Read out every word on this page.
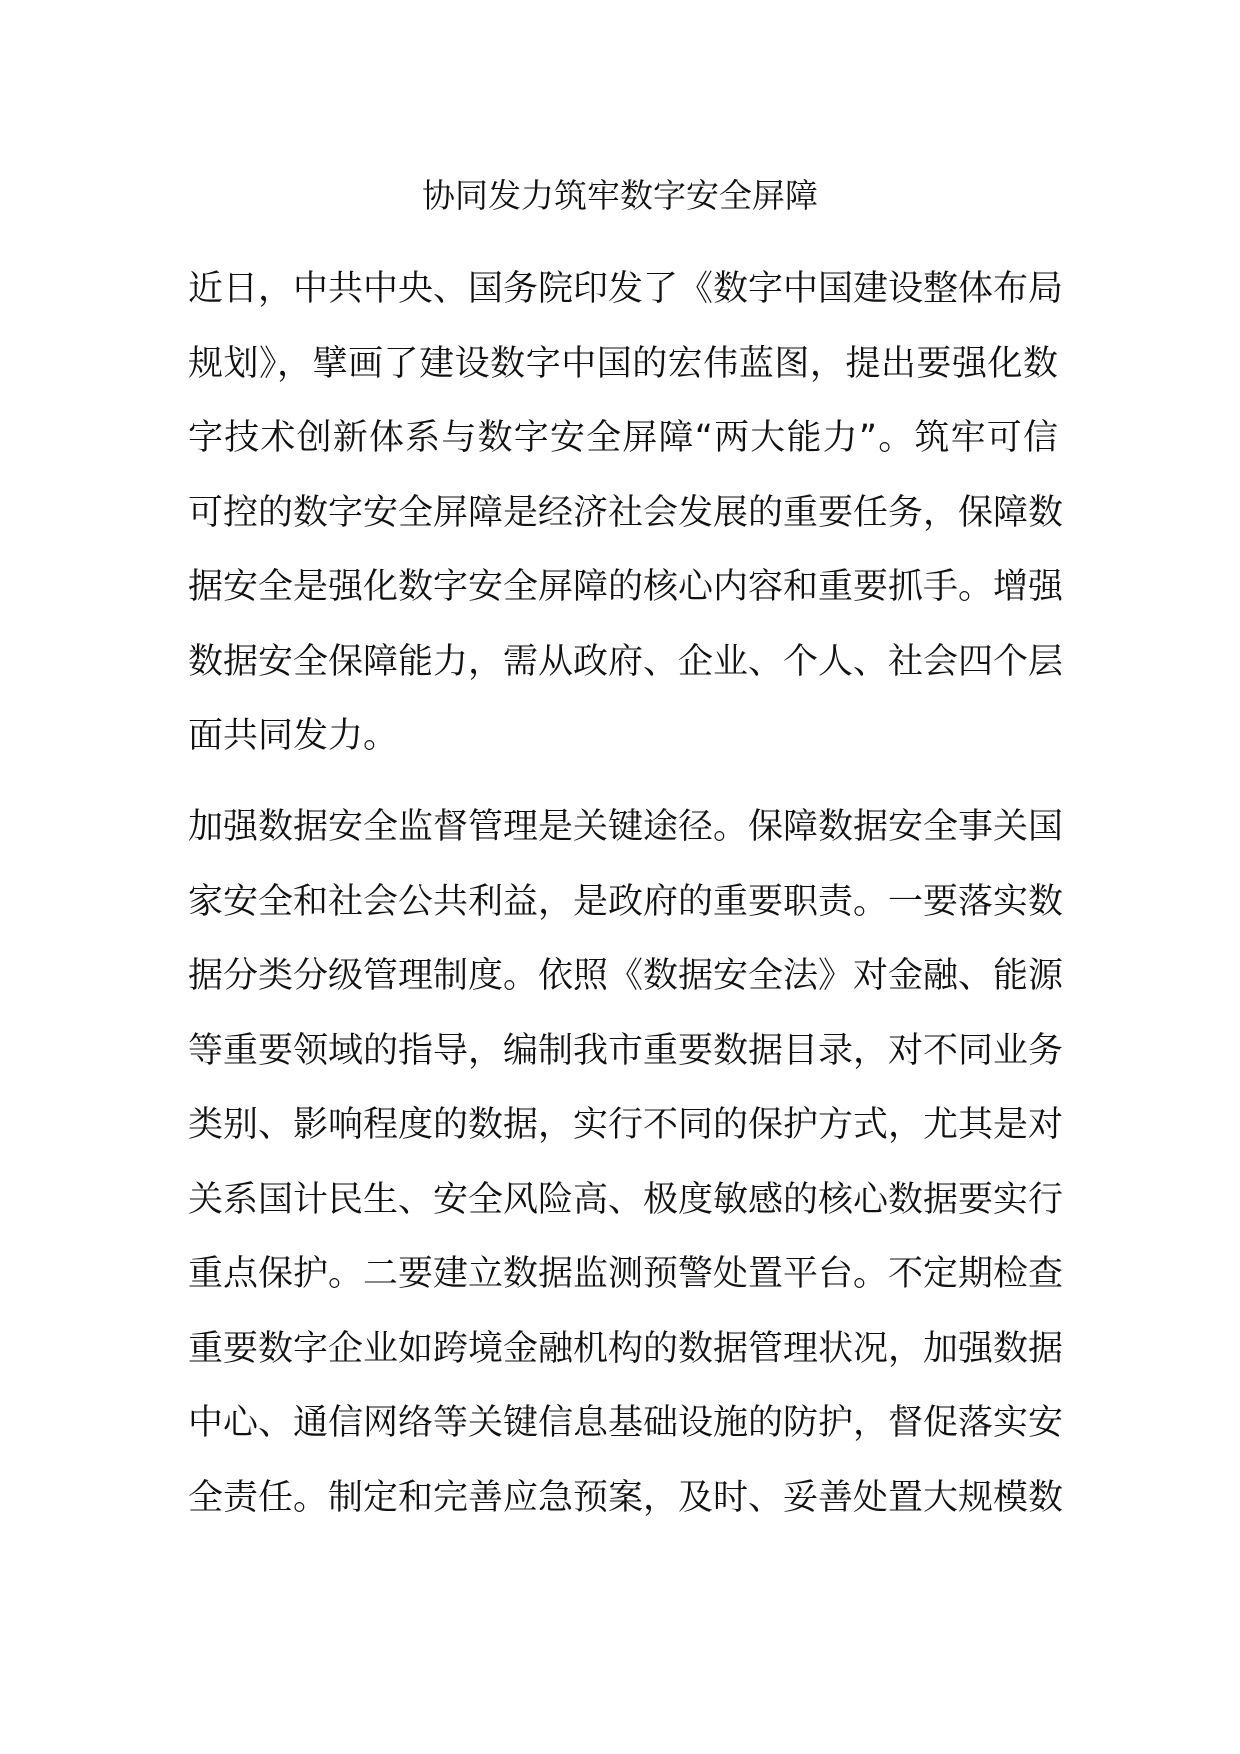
协同发力筑牢数字安全屏障
近日，中共中央、国务院印发了《数字中国建设整体布局
规划》，擘画了建设数字中国的宏伟蓝图，提出要强化数
字技术创新体系与数字安全屏障“两大能力”。筑牢可信
可控的数字安全屏障是经济社会发展的重要任务，保障数
据安全是强化数字安全屏障的核心内容和重要抓手。增强
数据安全保障能力，需从政府、企业、个人、社会四个层
面共同发力。
加强数据安全监督管理是关键途径。保障数据安全事关国
家安全和社会公共利益，是政府的重要职责。一要落实数
据分类分级管理制度。依照《数据安全法》对金融、能源
等重要领域的指导，编制我市重要数据目录，对不同业务
类别、影响程度的数据，实行不同的保护方式，尤其是对
关系国计民生、安全风险高、极度敏感的核心数据要实行
重点保护。二要建立数据监测预警处置平台。不定期检查
重要数字企业如跨境金融机构的数据管理状况，加强数据
中心、通信网络等关键信息基础设施的防护，督促落实安
全责任。制定和完善应急预案，及时、妥善处置大规模数
